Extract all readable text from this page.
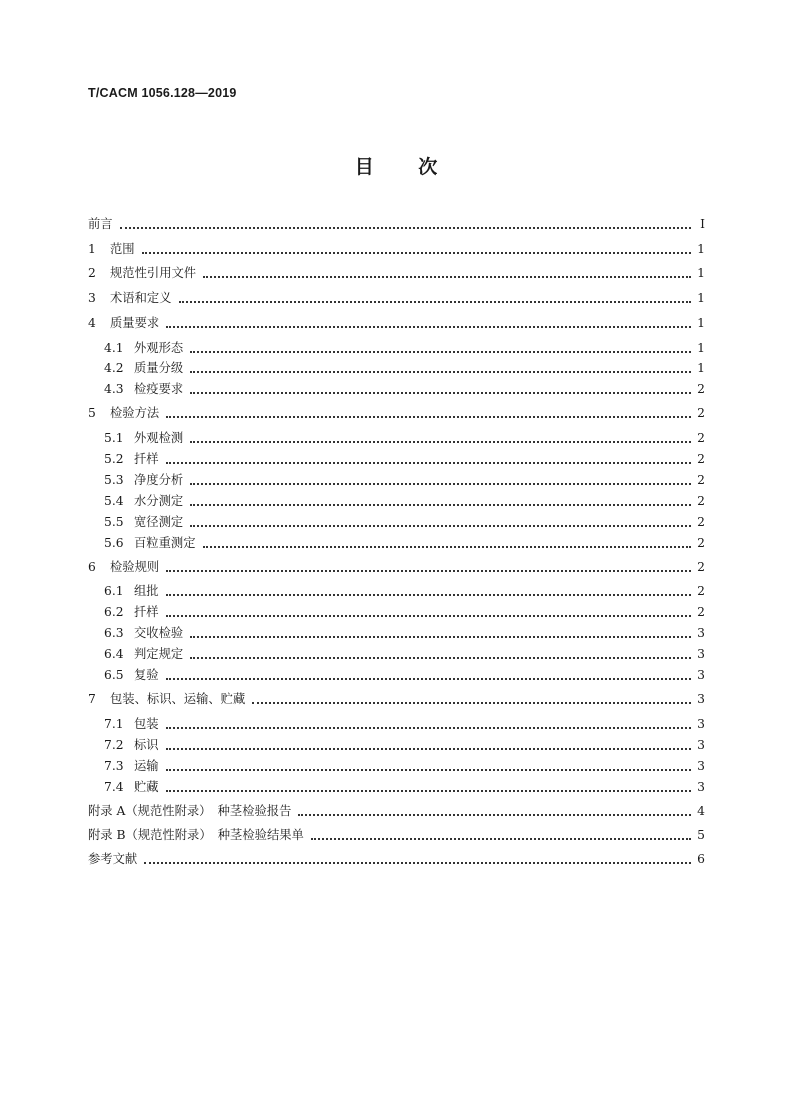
T/CACM 1056.128—2019
目 次
前言	Ⅰ
1	范围	1
2	规范性引用文件	1
3	术语和定义	1
4	质量要求	1
4.1 外观形态	1
4.2 质量分级	1
4.3 检疫要求	2
5	检验方法	2
5.1 外观检测	2
5.2 扦样	2
5.3 净度分析	2
5.4 水分测定	2
5.5 宽径测定	2
5.6 百粒重测定	2
6	检验规则	2
6.1 组批	2
6.2 扦样	2
6.3 交收检验	3
6.4 判定规定	3
6.5 复验	3
7	包装、标识、运输、贮藏	3
7.1 包装	3
7.2 标识	3
7.3 运输	3
7.4 贮藏	3
附录 A（规范性附录）　种茎检验报告	4
附录 B（规范性附录）　种茎检验结果单	5
参考文献	6
